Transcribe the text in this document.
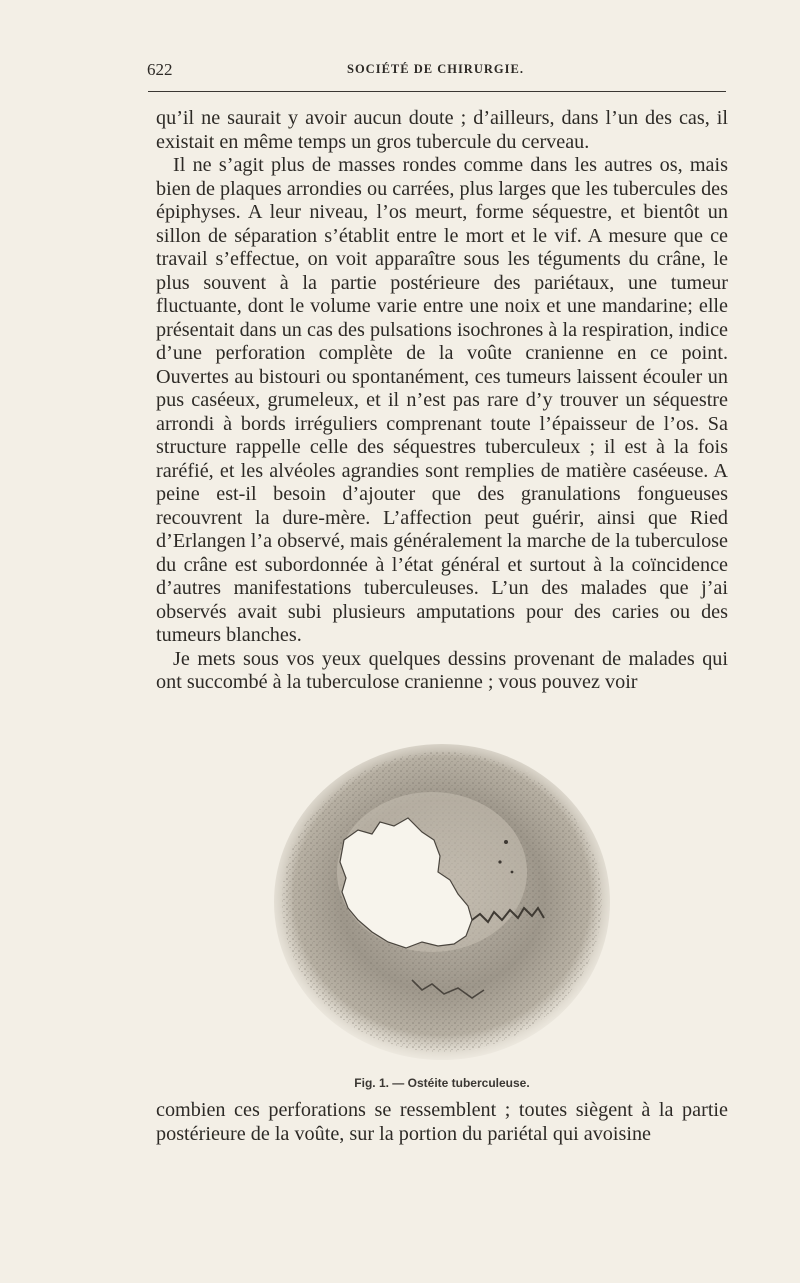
622	SOCIÉTÉ DE CHIRURGIE.

qu’il ne saurait y avoir aucun doute ; d’ailleurs, dans l’un des cas, il existait en même temps un gros tubercule du cerveau.

Il ne s’agit plus de masses rondes comme dans les autres os, mais bien de plaques arrondies ou carrées, plus larges que les tubercules des épiphyses. A leur niveau, l’os meurt, forme séquestre, et bientôt un sillon de séparation s’établit entre le mort et le vif. A mesure que ce travail s’effectue, on voit apparaître sous les téguments du crâne, le plus souvent à la partie postérieure des pariétaux, une tumeur fluctuante, dont le volume varie entre une noix et une mandarine; elle présentait dans un cas des pulsations isochrones à la respiration, indice d’une perforation complète de la voûte cranienne en ce point. Ouvertes au bistouri ou spontanément, ces tumeurs laissent écouler un pus caséeux, grumeleux, et il n’est pas rare d’y trouver un séquestre arrondi à bords irréguliers comprenant toute l’épaisseur de l’os. Sa structure rappelle celle des séquestres tuberculeux ; il est à la fois raréfié, et les alvéoles agrandies sont remplies de matière caséeuse. A peine est-il besoin d’ajouter que des granulations fongueuses recouvrent la dure-mère. L’affection peut guérir, ainsi que Ried d’Erlangen l’a observé, mais généralement la marche de la tuberculose du crâne est subordonnée à l’état général et surtout à la coïncidence d’autres manifestations tuberculeuses. L’un des malades que j’ai observés avait subi plusieurs amputations pour des caries ou des tumeurs blanches.

Je mets sous vos yeux quelques dessins provenant de malades qui ont succombé à la tuberculose cranienne ; vous pouvez voir

Fig. 1. — Ostéite tuberculeuse.

combien ces perforations se ressemblent ; toutes siègent à la partie postérieure de la voûte, sur la portion du pariétal qui avoisine
